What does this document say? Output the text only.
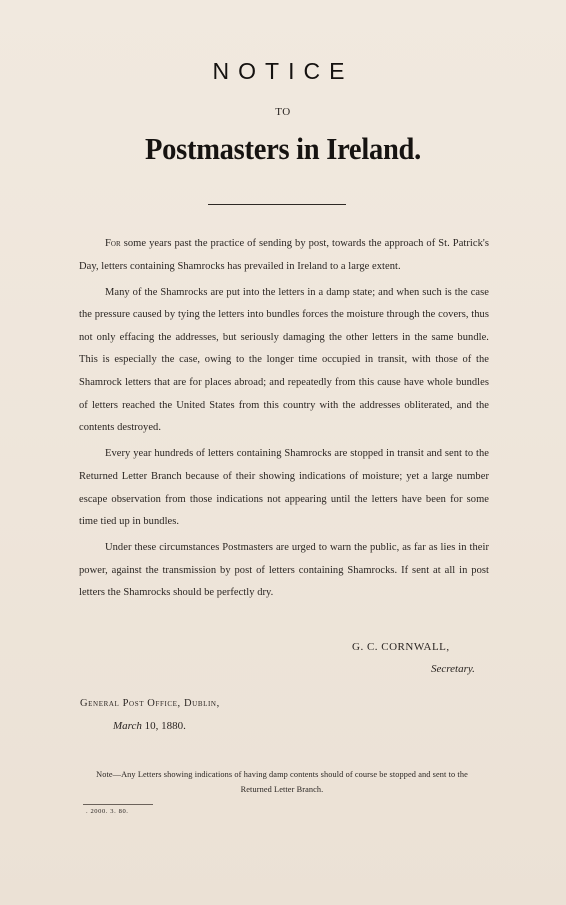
NOTICE
TO
Postmasters in Ireland.

For some years past the practice of sending by post, towards the approach of St. Patrick's Day, letters containing Shamrocks has prevailed in Ireland to a large extent.

Many of the Shamrocks are put into the letters in a damp state; and when such is the case the pressure caused by tying the letters into bundles forces the moisture through the covers, thus not only effacing the addresses, but seriously damaging the other letters in the same bundle. This is especially the case, owing to the longer time occupied in transit, with those of the Shamrock letters that are for places abroad; and repeatedly from this cause have whole bundles of letters reached the United States from this country with the addresses obliterated, and the contents destroyed.

Every year hundreds of letters containing Shamrocks are stopped in transit and sent to the Returned Letter Branch because of their showing indications of moisture; yet a large number escape observation from those indications not appearing until the letters have been for some time tied up in bundles.

Under these circumstances Postmasters are urged to warn the public, as far as lies in their power, against the transmission by post of letters containing Shamrocks. If sent at all in post letters the Shamrocks should be perfectly dry.

G. C. CORNWALL,
Secretary.
General Post Office, Dublin,
March 10, 1880.
Note—Any Letters showing indications of having damp contents should of course be stopped and sent to the Returned Letter Branch.
. 2000. 3. 80.
